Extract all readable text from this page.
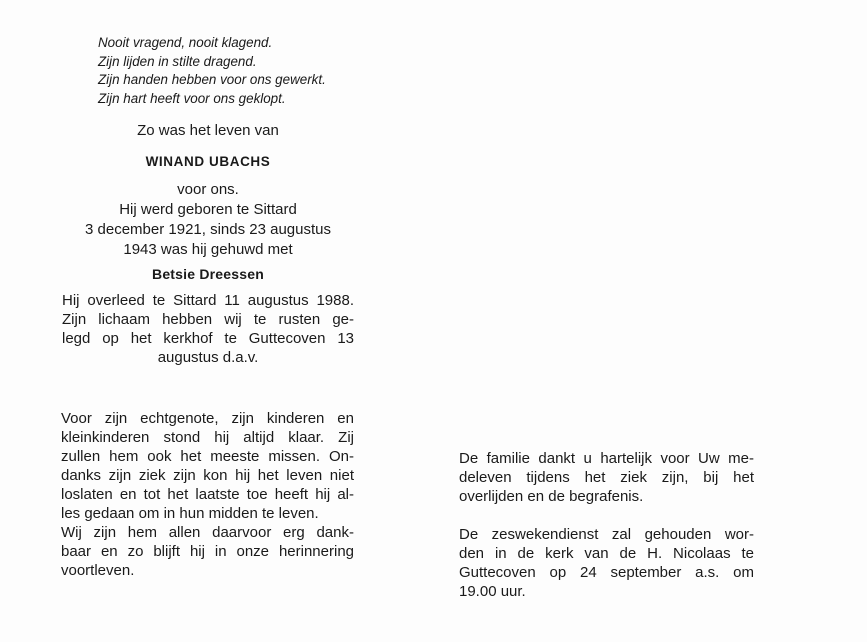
Nooit vragend, nooit klagend.
Zijn lijden in stilte dragend.
Zijn handen hebben voor ons gewerkt.
Zijn hart heeft voor ons geklopt.
Zo was het leven van
WINAND UBACHS
voor ons.
Hij werd geboren te Sittard
3 december 1921, sinds 23 augustus
1943 was hij gehuwd met
Betsie Dreessen
Hij overleed te Sittard 11 augustus 1988.
Zijn lichaam hebben wij te rusten ge-
legd op het kerkhof te Guttecoven 13
augustus d.a.v.
Voor zijn echtgenote, zijn kinderen en
kleinkinderen stond hij altijd klaar. Zij
zullen hem ook het meeste missen. On-
danks zijn ziek zijn kon hij het leven niet
loslaten en tot het laatste toe heeft hij al-
les gedaan om in hun midden te leven.
Wij zijn hem allen daarvoor erg dank-
baar en zo blijft hij in onze herinnering
voortleven.
De familie dankt u hartelijk voor Uw me-
deleven tijdens het ziek zijn, bij het
overlijden en de begrafenis.
De zeswekendienst zal gehouden wor-
den in de kerk van de H. Nicolaas te
Guttecoven op 24 september a.s. om
19.00 uur.
